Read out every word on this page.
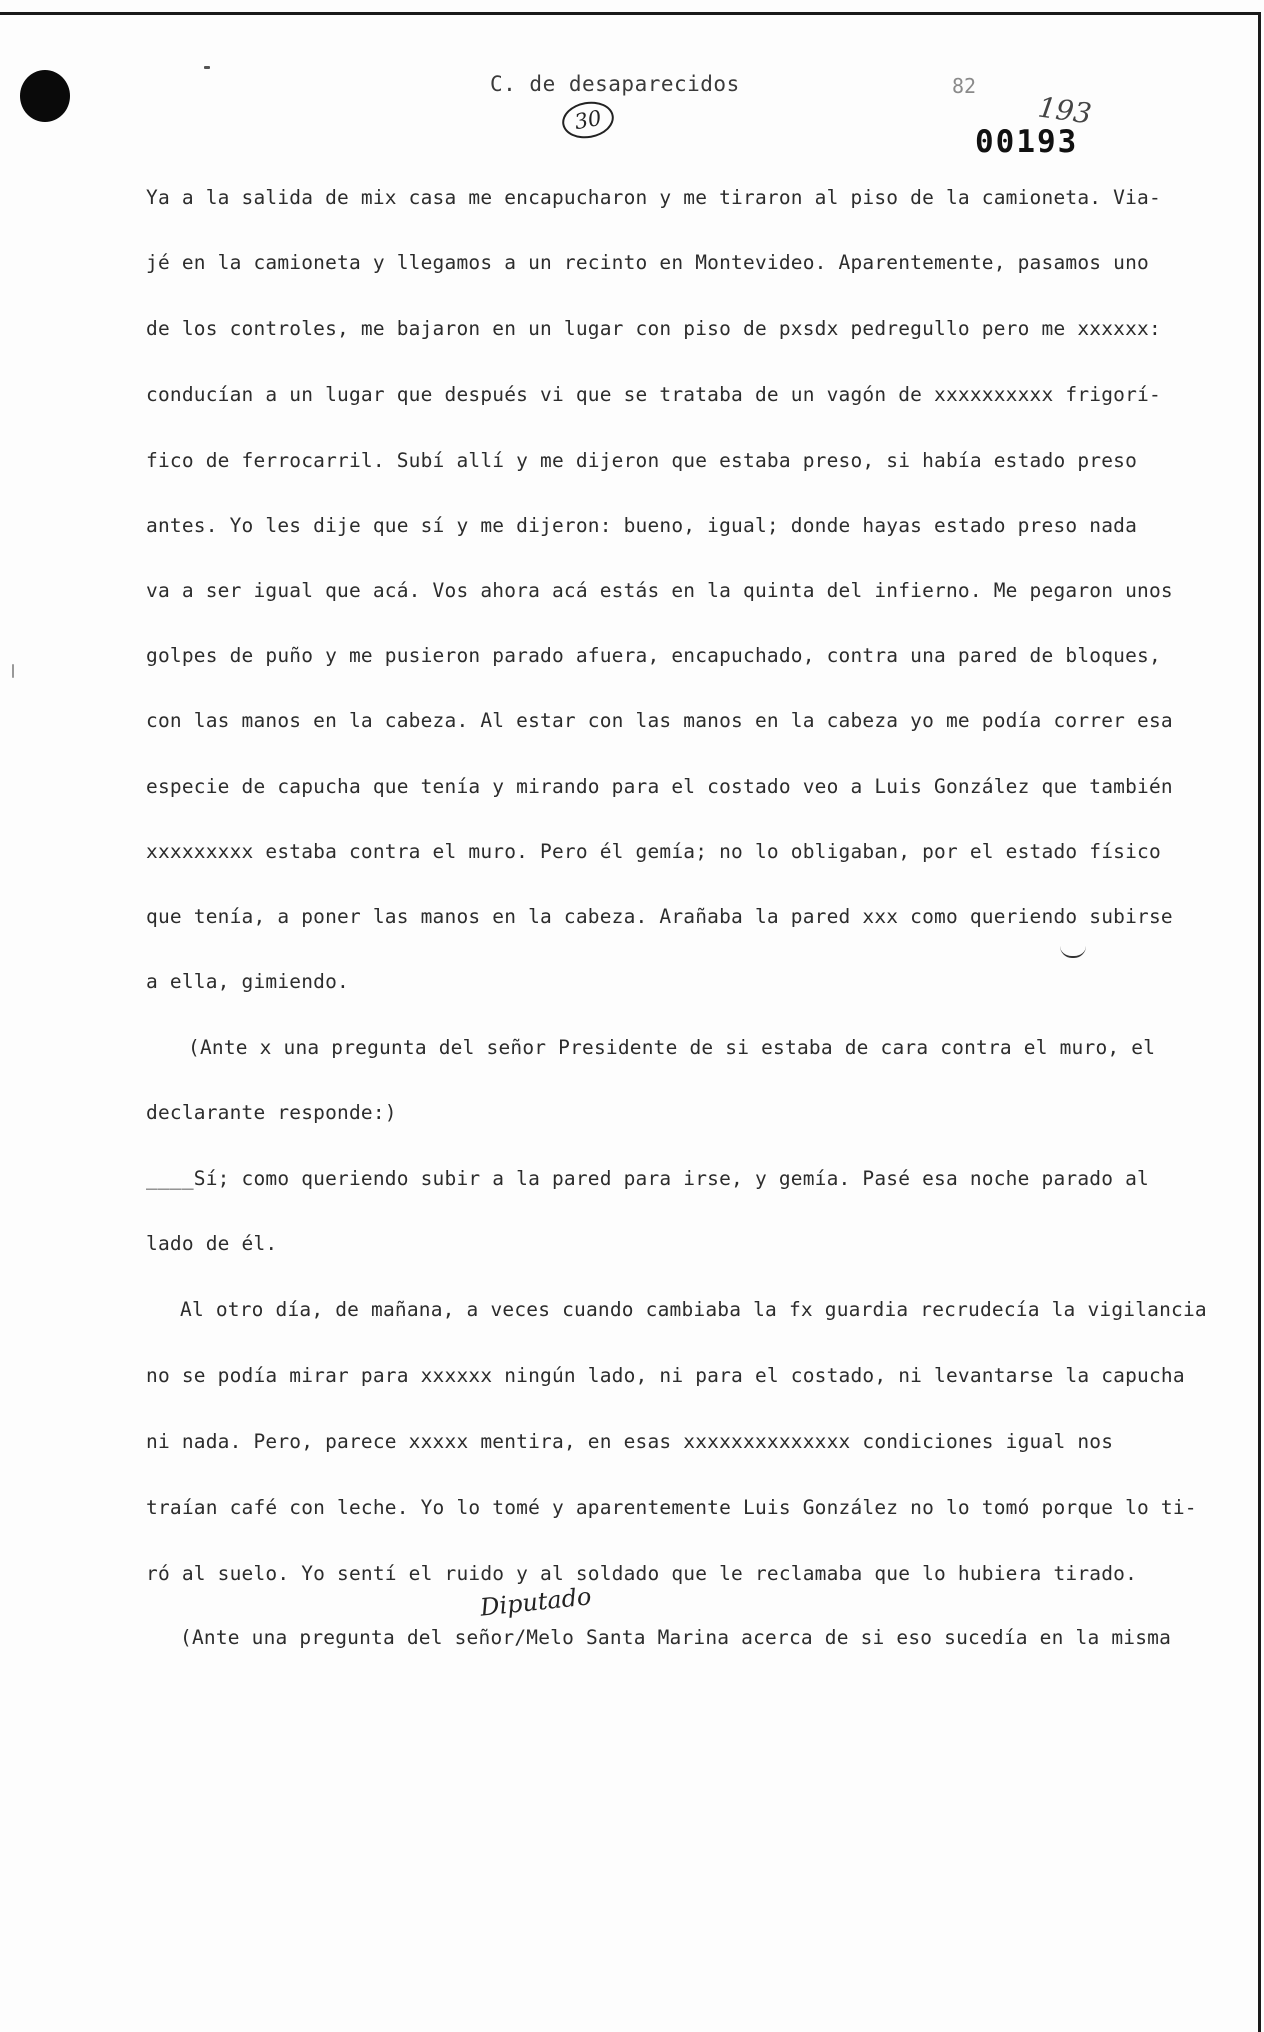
C. de desaparecidos	82
193
00193
30
Ya a la salida de mix casa me encapucharon y me tiraron al piso de la camioneta. Via-
jé en la camioneta y llegamos a un recinto en Montevideo. Aparentemente, pasamos uno
de los controles, me bajaron en un lugar con piso de pxsdx pedregullo pero me xxxxxx:
conducían a un lugar que después vi que se trataba de un vagón de xxxxxxxxxx frigorí-
fico de ferrocarril. Subí allí y me dijeron que estaba preso, si había estado preso
antes. Yo les dije que sí y me dijeron: bueno, igual; donde hayas estado preso nada
va a ser igual que acá. Vos ahora acá estás en la quinta del infierno. Me pegaron unos
golpes de puño y me pusieron parado afuera, encapuchado, contra una pared de bloques,
con las manos en la cabeza. Al estar con las manos en la cabeza yo me podía correr esa
especie de capucha que tenía y mirando para el costado veo a Luis González que también
xxxxxxxxx estaba contra el muro. Pero él gemía; no lo obligaban, por el estado físico
que tenía, a poner las manos en la cabeza. Arañaba la pared xxx como queriendo subirse
a ella, gimiendo.
(Ante x una pregunta del señor Presidente de si estaba de cara contra el muro, el
declarante responde:)
____Sí; como queriendo subir a la pared para irse, y gemía. Pasé esa noche parado al
lado de él.
Al otro día, de mañana, a veces cuando cambiaba la fx guardia recrudecía la vigilancia
no se podía mirar para xxxxxx ningún lado, ni para el costado, ni levantarse la capucha
ni nada. Pero, parece xxxxx mentira, en esas xxxxxxxxxxxxxx condiciones igual nos
traían café con leche. Yo lo tomé y aparentemente Luis González no lo tomó porque lo ti-
ró al suelo. Yo sentí el ruido y al soldado que le reclamaba que lo hubiera tirado.
Diputado
(Ante una pregunta del señor/Melo Santa Marina acerca de si eso sucedía en la misma
